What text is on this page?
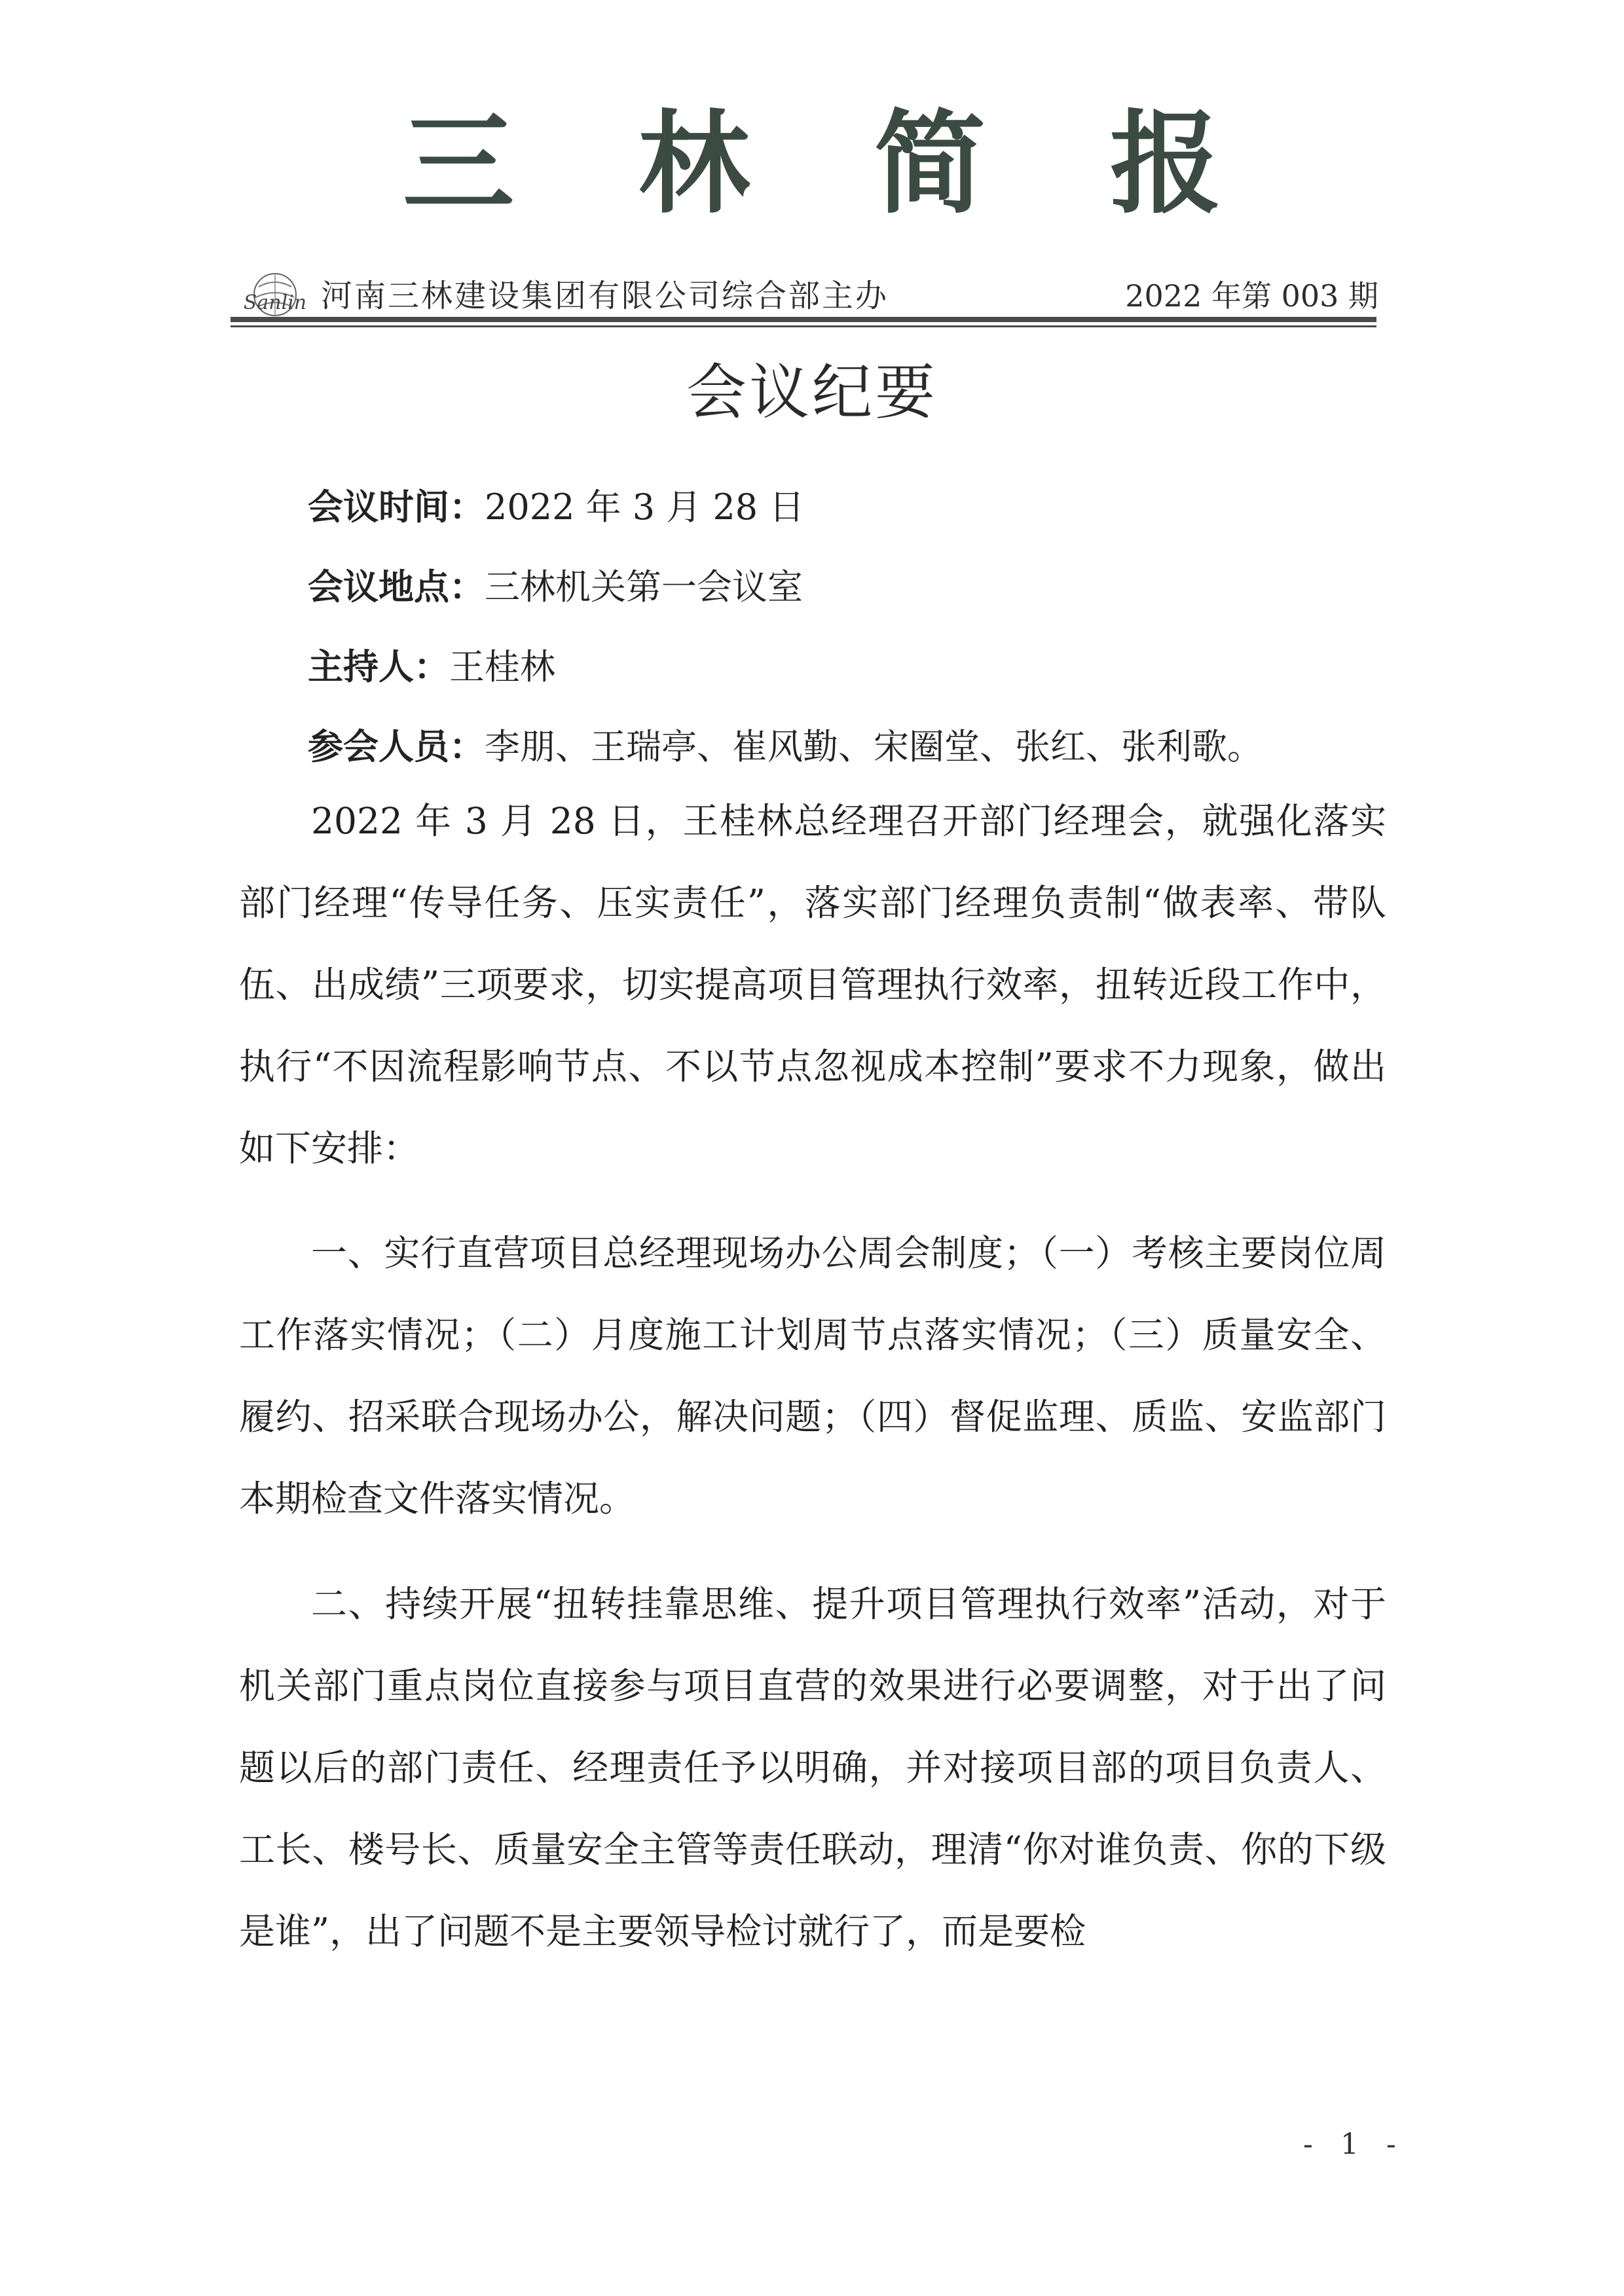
三林简报
Sanlin 河南三林建设集团有限公司综合部主办	2022 年第 003 期
会议纪要
会议时间：2022 年 3 月 28 日
会议地点：三林机关第一会议室
主持人：王桂林
参会人员：李朋、王瑞亭、崔风勤、宋圈堂、张红、张利歌。

2022 年 3 月 28 日，王桂林总经理召开部门经理会，就强化落实部门经理“传导任务、压实责任”，落实部门经理负责制“做表率、带队伍、出成绩”三项要求，切实提高项目管理执行效率，扭转近段工作中，执行“不因流程影响节点、不以节点忽视成本控制”要求不力现象，做出如下安排：

一、实行直营项目总经理现场办公周会制度；（一）考核主要岗位周工作落实情况；（二）月度施工计划周节点落实情况；（三）质量安全、履约、招采联合现场办公，解决问题；（四）督促监理、质监、安监部门本期检查文件落实情况。

二、持续开展“扭转挂靠思维、提升项目管理执行效率”活动，对于机关部门重点岗位直接参与项目直营的效果进行必要调整，对于出了问题以后的部门责任、经理责任予以明确，并对接项目部的项目负责人、工长、楼号长、质量安全主管等责任联动，理清“你对谁负责、你的下级是谁”，出了问题不是主要领导检讨就行了，而是要检

- 1 -
